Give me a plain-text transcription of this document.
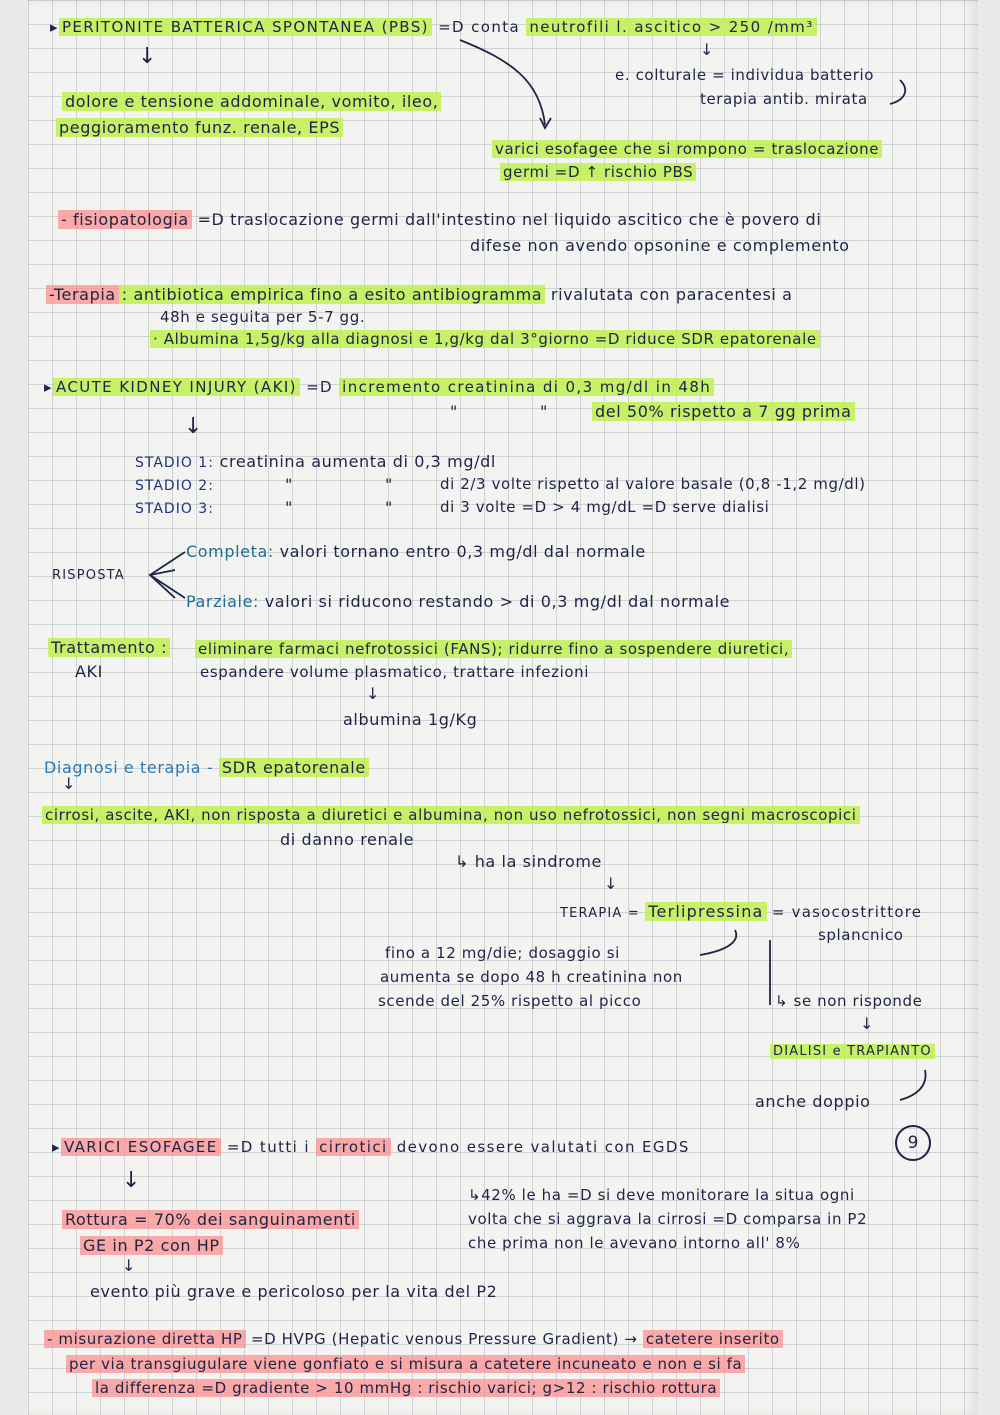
▸ PERITONITE BATTERICA SPONTANEA (PBS) =D conta neutrofili l. ascitico > 250 /mm³
↓	↓
e. colturale = individua batterio
terapia antib. mirata
dolore e tensione addominale, vomito, ileo,
peggioramento funz. renale, EPS
varici esofagee che si rompono = traslocazione
germi =D ↑ rischio PBS
- fisiopatologia =D traslocazione germi dall'intestino nel liquido ascitico che è povero di
difese non avendo opsonine e complemento
-Terapia : antibiotica empirica fino a esito antibiogramma rivalutata con paracentesi a
48h e seguita per 5-7 gg.
· Albumina 1,5g/kg alla diagnosi e 1,g/kg dal 3°giorno =D riduce SDR epatorenale
▸ ACUTE KIDNEY INJURY (AKI) =D incremento creatinina di 0,3 mg/dl in 48h
"	"	del 50% rispetto a 7 gg prima
↓
STADIO 1: creatinina aumenta di 0,3 mg/dl
STADIO 2:	"	"	di 2/3 volte rispetto al valore basale (0,8 -1,2 mg/dl)
STADIO 3:	"	"	di 3 volte =D > 4 mg/dL =D serve dialisi
RISPOSTA
Completa: valori tornano entro 0,3 mg/dl dal normale
Parziale: valori si riducono restando > di 0,3 mg/dl dal normale
Trattamento :
AKI
eliminare farmaci nefrotossici (FANS); ridurre fino a sospendere diuretici,
espandere volume plasmatico, trattare infezioni
↓
albumina 1g/Kg
Diagnosi e terapia - SDR epatorenale
↓
cirrosi, ascite, AKI, non risposta a diuretici e albumina, non uso nefrotossici, non segni macroscopici
di danno renale
↳ ha la sindrome
↓
TERAPIA = Terlipressina = vasocostrittore
splancnico
fino a 12 mg/die; dosaggio si
aumenta se dopo 48 h creatinina non
scende del 25% rispetto al picco	↳ se non risponde
↓
DIALISI e TRAPIANTO
anche doppio
9
▸ VARICI ESOFAGEE =D tutti i cirrotici devono essere valutati con EGDS
↓
↳42% le ha =D si deve monitorare la situa ogni
volta che si aggrava la cirrosi =D comparsa in P2
che prima non le avevano intorno all' 8%
Rottura = 70% dei sanguinamenti
GE in P2 con HP
↓
evento più grave e pericoloso per la vita del P2
- misurazione diretta HP =D HVPG (Hepatic venous Pressure Gradient) → catetere inserito
per via transgiugulare viene gonfiato e si misura a catetere incuneato e non e si fa
la differenza =D gradiente > 10 mmHg : rischio varici; g>12 : rischio rottura
